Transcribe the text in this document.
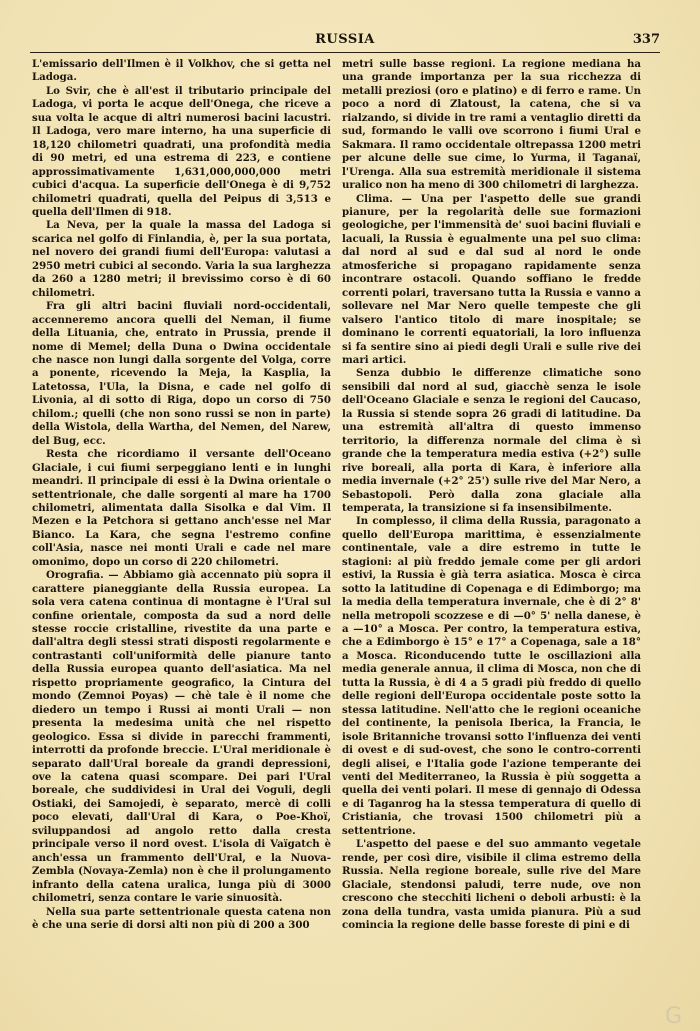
RUSSIA	337

L'emissario dell'Ilmen è il Volkhov, che si getta nel Ladoga.

Lo Svir, che è all'est il tributario principale del Ladoga, vi porta le acque dell'Onega, che riceve a sua volta le acque di altri numerosi bacini lacustri. Il Ladoga, vero mare interno, ha una superficie di 18,120 chilometri quadrati, una profondità media di 90 metri, ed una estrema di 223, e contiene approssimativamente 1,631,000,000,000 metri cubici d'acqua. La superficie dell'Onega è di 9,752 chilometri quadrati, quella del Peipus di 3,513 e quella dell'Ilmen di 918.

La Neva, per la quale la massa del Ladoga si scarica nel golfo di Finlandia, è, per la sua portata, nel novero dei grandi fiumi dell'Europa: valutasi a 2950 metri cubici al secondo. Varia la sua larghezza da 260 a 1280 metri; il brevissimo corso è di 60 chilometri.

Fra gli altri bacini fluviali nord-occidentali, accenneremo ancora quelli del Neman, il fiume della Lituania, che, entrato in Prussia, prende il nome di Memel; della Duna o Dwina occidentale che nasce non lungi dalla sorgente del Volga, corre a ponente, ricevendo la Meja, la Kasplia, la Latetossa, l'Ula, la Disna, e cade nel golfo di Livonia, al di sotto di Riga, dopo un corso di 750 chilom.; quelli (che non sono russi se non in parte) della Wistola, della Wartha, del Nemen, del Narew, del Bug, ecc.

Resta che ricordiamo il versante dell'Oceano Glaciale, i cui fiumi serpeggiano lenti e in lunghi meandri. Il principale di essi è la Dwina orientale o settentrionale, che dalle sorgenti al mare ha 1700 chilometri, alimentata dalla Sisolka e dal Vim. Il Mezen e la Petchora si gettano anch'esse nel Mar Bianco. La Kara, che segna l'estremo confine coll'Asia, nasce nei monti Urali e cade nel mare omonimo, dopo un corso di 220 chilometri.

Orografia. — Abbiamo già accennato più sopra il carattere pianeggiante della Russia europea. La sola vera catena continua di montagne è l'Ural sul confine orientale, composta da sud a nord delle stesse roccie cristalline, rivestite da una parte e dall'altra degli stessi strati disposti regolarmente e contrastanti coll'uniformità delle pianure tanto della Russia europea quanto dell'asiatica. Ma nel rispetto propriamente geografico, la Cintura del mondo (Zemnoi Poyas) — chè tale è il nome che diedero un tempo i Russi ai monti Urali — non presenta la medesima unità che nel rispetto geologico. Essa si divide in parecchi frammenti, interrotti da profonde breccie. L'Ural meridionale è separato dall'Ural boreale da grandi depressioni, ove la catena quasi scompare. Dei pari l'Ural boreale, che suddividesi in Ural dei Voguli, degli Ostiaki, dei Samojedi, è separato, mercè di colli poco elevati, dall'Ural di Kara, o Poe-Khoï, sviluppandosi ad angolo retto dalla cresta principale verso il nord ovest. L'isola di Vaïgatch è anch'essa un frammento dell'Ural, e la Nuova-Zembla (Novaya-Zemla) non è che il prolungamento infranto della catena uralica, lunga più di 3000 chilometri, senza contare le varie sinuosità.

Nella sua parte settentrionale questa catena non è che una serie di dorsi alti non più di 200 a 300

metri sulle basse regioni. La regione mediana ha una grande importanza per la sua ricchezza di metalli preziosi (oro e platino) e di ferro e rame. Un poco a nord di Zlatoust, la catena, che si va rialzando, si divide in tre rami a ventaglio diretti da sud, formando le valli ove scorrono i fiumi Ural e Sakmara. Il ramo occidentale oltrepassa 1200 metri per alcune delle sue cime, lo Yurma, il Taganaï, l'Urenga. Alla sua estremità meridionale il sistema uralico non ha meno di 300 chilometri di larghezza.

Clima. — Una per l'aspetto delle sue grandi pianure, per la regolarità delle sue formazioni geologiche, per l'immensità de' suoi bacini fluviali e lacuali, la Russia è egualmente una pel suo clima: dal nord al sud e dal sud al nord le onde atmosferiche si propagano rapidamente senza incontrare ostacoli. Quando soffiano le fredde correnti polari, traversano tutta la Russia e vanno a sollevare nel Mar Nero quelle tempeste che gli valsero l'antico titolo di mare inospitale; se dominano le correnti equatoriali, la loro influenza si fa sentire sino ai piedi degli Urali e sulle rive dei mari artici.

Senza dubbio le differenze climatiche sono sensibili dal nord al sud, giacchè senza le isole dell'Oceano Glaciale e senza le regioni del Caucaso, la Russia si stende sopra 26 gradi di latitudine. Da una estremità all'altra di questo immenso territorio, la differenza normale del clima è sì grande che la temperatura media estiva (+2°) sulle rive boreali, alla porta di Kara, è inferiore alla media invernale (+2° 25') sulle rive del Mar Nero, a Sebastopoli. Però dalla zona glaciale alla temperata, la transizione si fa insensibilmente.

In complesso, il clima della Russia, paragonato a quello dell'Europa marittima, è essenzialmente continentale, vale a dire estremo in tutte le stagioni: al più freddo jemale come per gli ardori estivi, la Russia è già terra asiatica. Mosca è circa sotto la latitudine di Copenaga e di Edimborgo; ma la media della temperatura invernale, che è di 2° 8' nella metropoli scozzese e di —0° 5' nella danese, è a —10° a Mosca. Per contro, la temperatura estiva, che a Edimborgo è 15° e 17° a Copenaga, sale a 18° a Mosca. Riconducendo tutte le oscillazioni alla media generale annua, il clima di Mosca, non che di tutta la Russia, è di 4 a 5 gradi più freddo di quello delle regioni dell'Europa occidentale poste sotto la stessa latitudine. Nell'atto che le regioni oceaniche del continente, la penisola Iberica, la Francia, le isole Britanniche trovansi sotto l'influenza dei venti di ovest e di sud-ovest, che sono le contro-correnti degli alisei, e l'Italia gode l'azione temperante dei venti del Mediterraneo, la Russia è più soggetta a quella dei venti polari. Il mese di gennajo di Odessa e di Taganrog ha la stessa temperatura di quello di Cristiania, che trovasi 1500 chilometri più a settentrione.

L'aspetto del paese e del suo ammanto vegetale rende, per così dire, visibile il clima estremo della Russia. Nella regione boreale, sulle rive del Mare Glaciale, stendonsi paludi, terre nude, ove non crescono che stecchiti licheni o deboli arbusti: è la zona della tundra, vasta umida pianura. Più a sud comincia la regione delle basse foreste di pini e di

G
